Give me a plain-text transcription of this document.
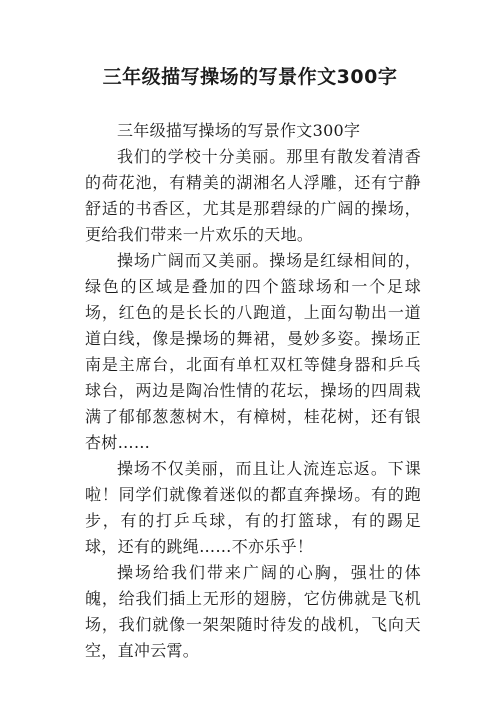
三年级描写操场的写景作文300字

三年级描写操场的写景作文300字

我们的学校十分美丽。那里有散发着清香的荷花池，有精美的湖湘名人浮雕，还有宁静舒适的书香区，尤其是那碧绿的广阔的操场，更给我们带来一片欢乐的天地。

操场广阔而又美丽。操场是红绿相间的，绿色的区域是叠加的四个篮球场和一个足球场，红色的是长长的八跑道，上面勾勒出一道道白线，像是操场的舞裙，曼妙多姿。操场正南是主席台，北面有单杠双杠等健身器和乒乓球台，两边是陶冶性情的花坛，操场的四周栽满了郁郁葱葱树木，有樟树，桂花树，还有银杏树……

操场不仅美丽，而且让人流连忘返。下课啦！同学们就像着迷似的都直奔操场。有的跑步，有的打乒乓球，有的打篮球，有的踢足球，还有的跳绳……不亦乐乎！

操场给我们带来广阔的心胸，强壮的体魄，给我们插上无形的翅膀，它仿佛就是飞机场，我们就像一架架随时待发的战机，飞向天空，直冲云霄。
